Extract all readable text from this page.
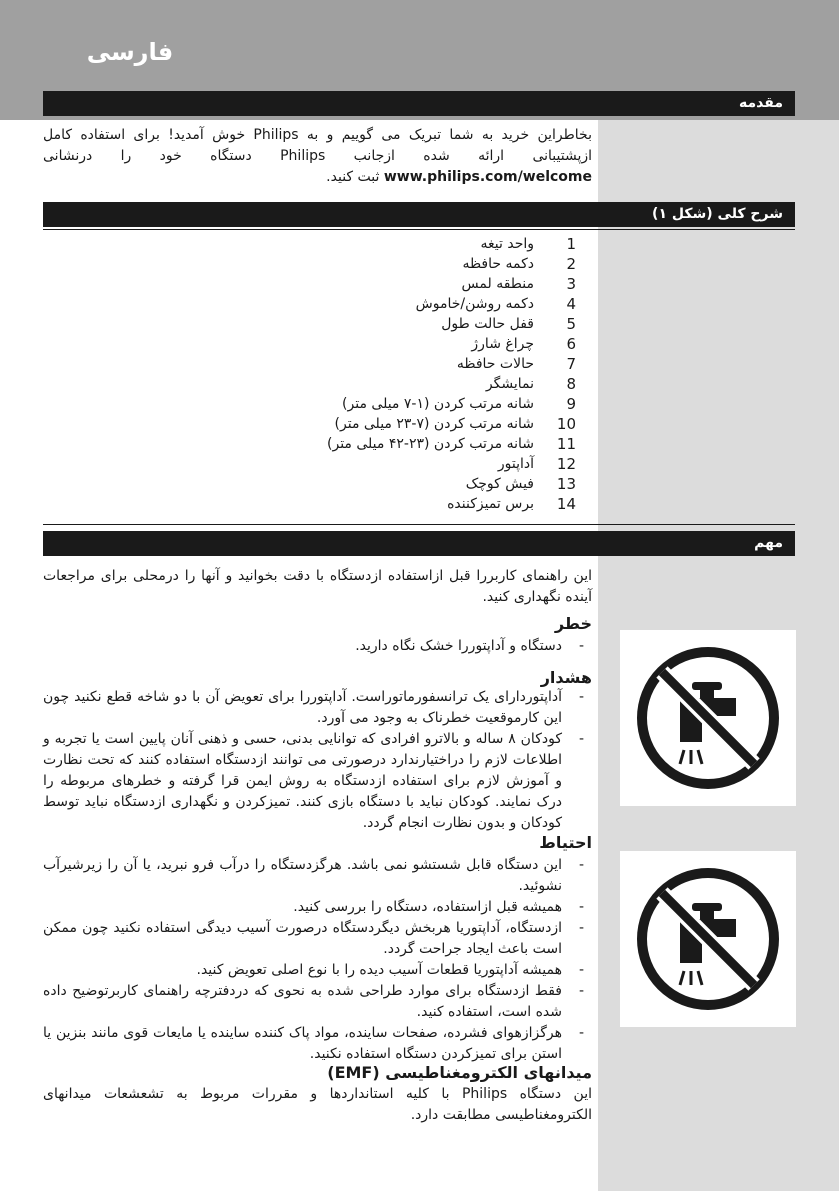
فارسی
مقدمه

بخاطراین خرید به شما تبریک می گوییم و به Philips خوش آمدید! برای استفاده کامل ازپشتیبانی ارائه شده ازجانب Philips دستگاه خود را درنشانی www.philips.com/welcome ثبت کنید.

شرح کلی (شکل ۱)
1
واحد تیغه
2
دکمه حافظه
3
منطقه لمس
4
دکمه روشن/خاموش
5
قفل حالت طول
6
چراغ شارژ
7
حالات حافظه
8
نمایشگر
9
شانه مرتب کردن (۱-۷ میلی متر)
10
شانه مرتب کردن (۷-۲۳ میلی متر)
11
شانه مرتب کردن (۲۳-۴۲ میلی متر)
12
آداپتور
13
فیش کوچک
14
برس تمیزکننده
مهم
این راهنمای کاربررا قبل ازاستفاده ازدستگاه با دقت بخوانید و آنها را درمحلی برای مراجعات آینده نگهداری کنید.
خطر
- دستگاه و آداپتوررا خشک نگاه دارید.
هشدار
- آداپتوردارای یک ترانسفورماتوراست. آداپتوررا برای تعویض آن با دو شاخه قطع نکنید چون این کارموقعیت خطرناک به وجود می آورد.
- کودکان ۸ ساله و بالاترو افرادی که توانایی بدنی، حسی و ذهنی آنان پایین است یا تجربه و اطلاعات لازم را دراختیارندارد درصورتی می توانند ازدستگاه استفاده کنند که تحت نظارت و آموزش لازم برای استفاده ازدستگاه به روش ایمن قرا گرفته و خطرهای مربوطه را درک نمایند. کودکان نباید با دستگاه بازی کنند. تمیزکردن و نگهداری ازدستگاه نباید توسط کودکان و بدون نظارت انجام گردد.
احتیاط
- این دستگاه قابل شستشو نمی باشد. هرگزدستگاه را درآب فرو نبرید، یا آن را زیرشیرآب نشوئید.
- همیشه قبل ازاستفاده، دستگاه را بررسی کنید.
- ازدستگاه، آداپتوریا هربخش دیگردستگاه درصورت آسیب دیدگی استفاده نکنید چون ممکن است باعث ایجاد جراحت گردد.
- همیشه آداپتوریا قطعات آسیب دیده را با نوع اصلی تعویض کنید.
- فقط ازدستگاه برای موارد طراحی شده به نحوی که دردفترچه راهنمای کاربرتوضیح داده شده است، استفاده کنید.
- هرگزازهوای فشرده، صفحات ساینده، مواد پاک کننده ساینده یا مایعات قوی مانند بنزین یا استن برای تمیزکردن دستگاه استفاده نکنید.
میدانهای الکترومغناطیسی (EMF)
این دستگاه Philips با کلیه استانداردها و مقررات مربوط به تشعشعات میدانهای الکترومغناطیسی مطابقت دارد.
